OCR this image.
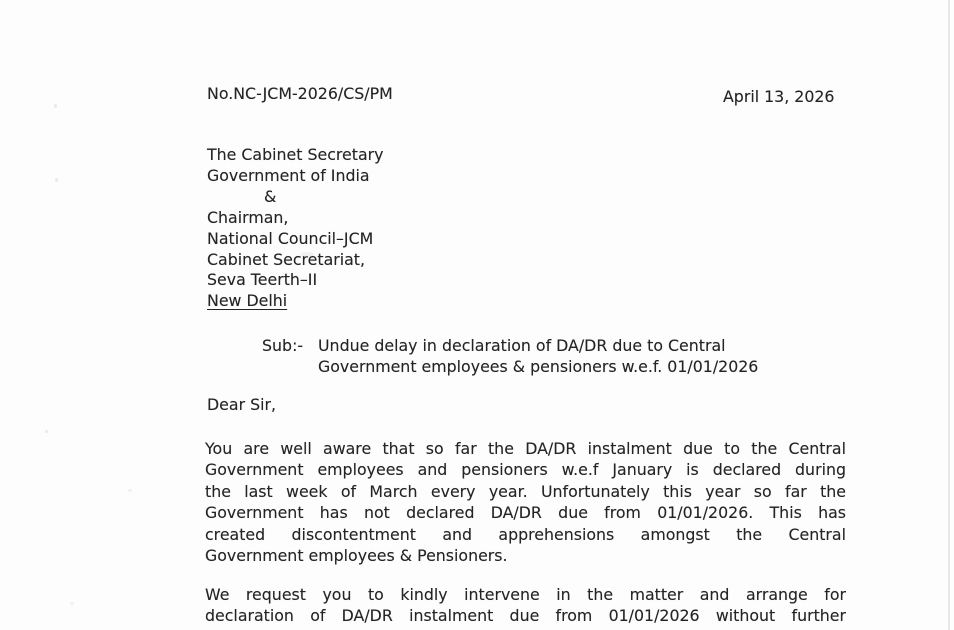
No.NC-JCM-2026/CS/PM	April 13, 2026
The Cabinet Secretary
Government of India
&
Chairman,
National Council–JCM
Cabinet Secretariat,
Seva Teerth–II
New Delhi
Sub:- Undue delay in declaration of DA/DR due to Central
Government employees & pensioners w.e.f. 01/01/2026
Dear Sir,
You are well aware that so far the DA/DR instalment due to the Central
Government employees and pensioners w.e.f January is declared during
the last week of March every year. Unfortunately this year so far the
Government has not declared DA/DR due from 01/01/2026. This has
created discontentment and apprehensions amongst the Central
Government employees & Pensioners.
We request you to kindly intervene in the matter and arrange for
declaration of DA/DR instalment due from 01/01/2026 without further
